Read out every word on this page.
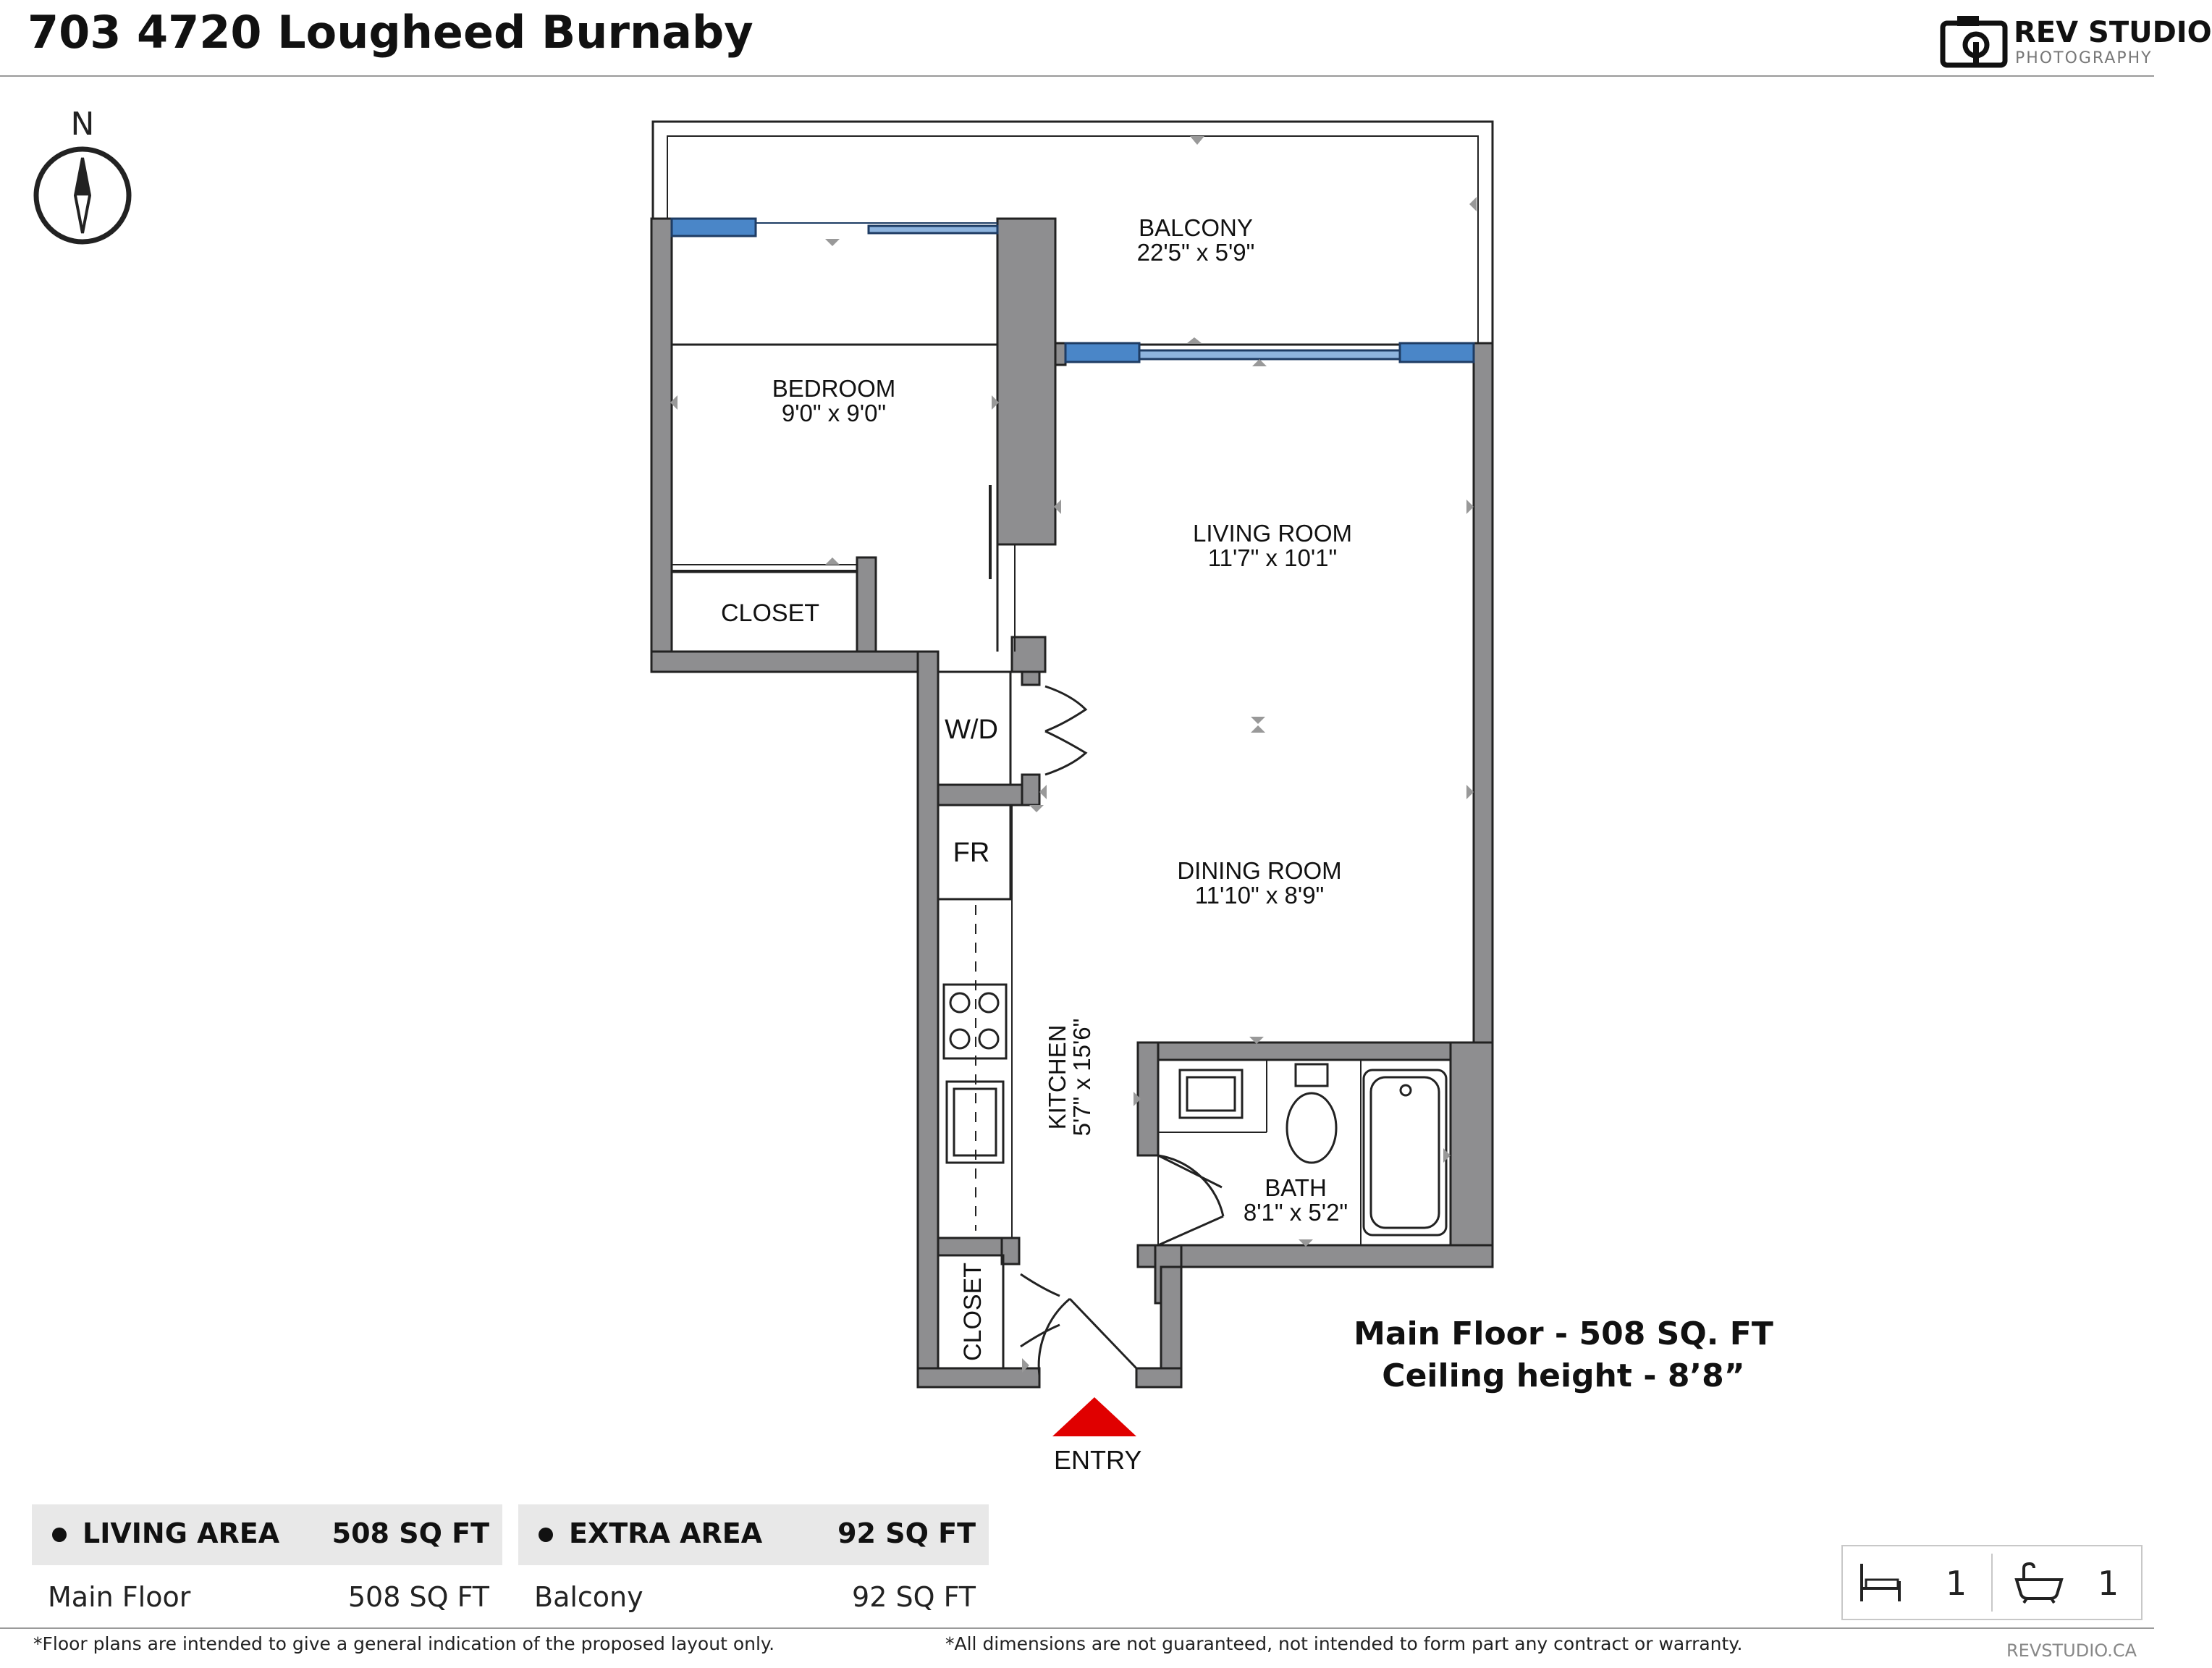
703 4720 Lougheed Burnaby	REV STUDIO
PHOTOGRAPHY
N
BALCONY
22'5" x 5'9"
BEDROOM
9'0" x 9'0"
LIVING ROOM
11'7" x 10'1"
DINING ROOM
11'10" x 8'9"
KITCHEN
5'7" x 15'6"
BATH
8'1" x 5'2"
CLOSET
CLOSET
W/D
FR
ENTRY
Main Floor - 508 SQ. FT
Ceiling height - 8’8”
LIVING AREA 508 SQ FT
Main Floor	508 SQ FT
EXTRA AREA	92 SQ FT
Balcony	92 SQ FT	1	1
*Floor plans are intended to give a general indication of the proposed layout only.	*All dimensions are not guaranteed, not intended to form part any contract or warranty.	REVSTUDIO.CA
